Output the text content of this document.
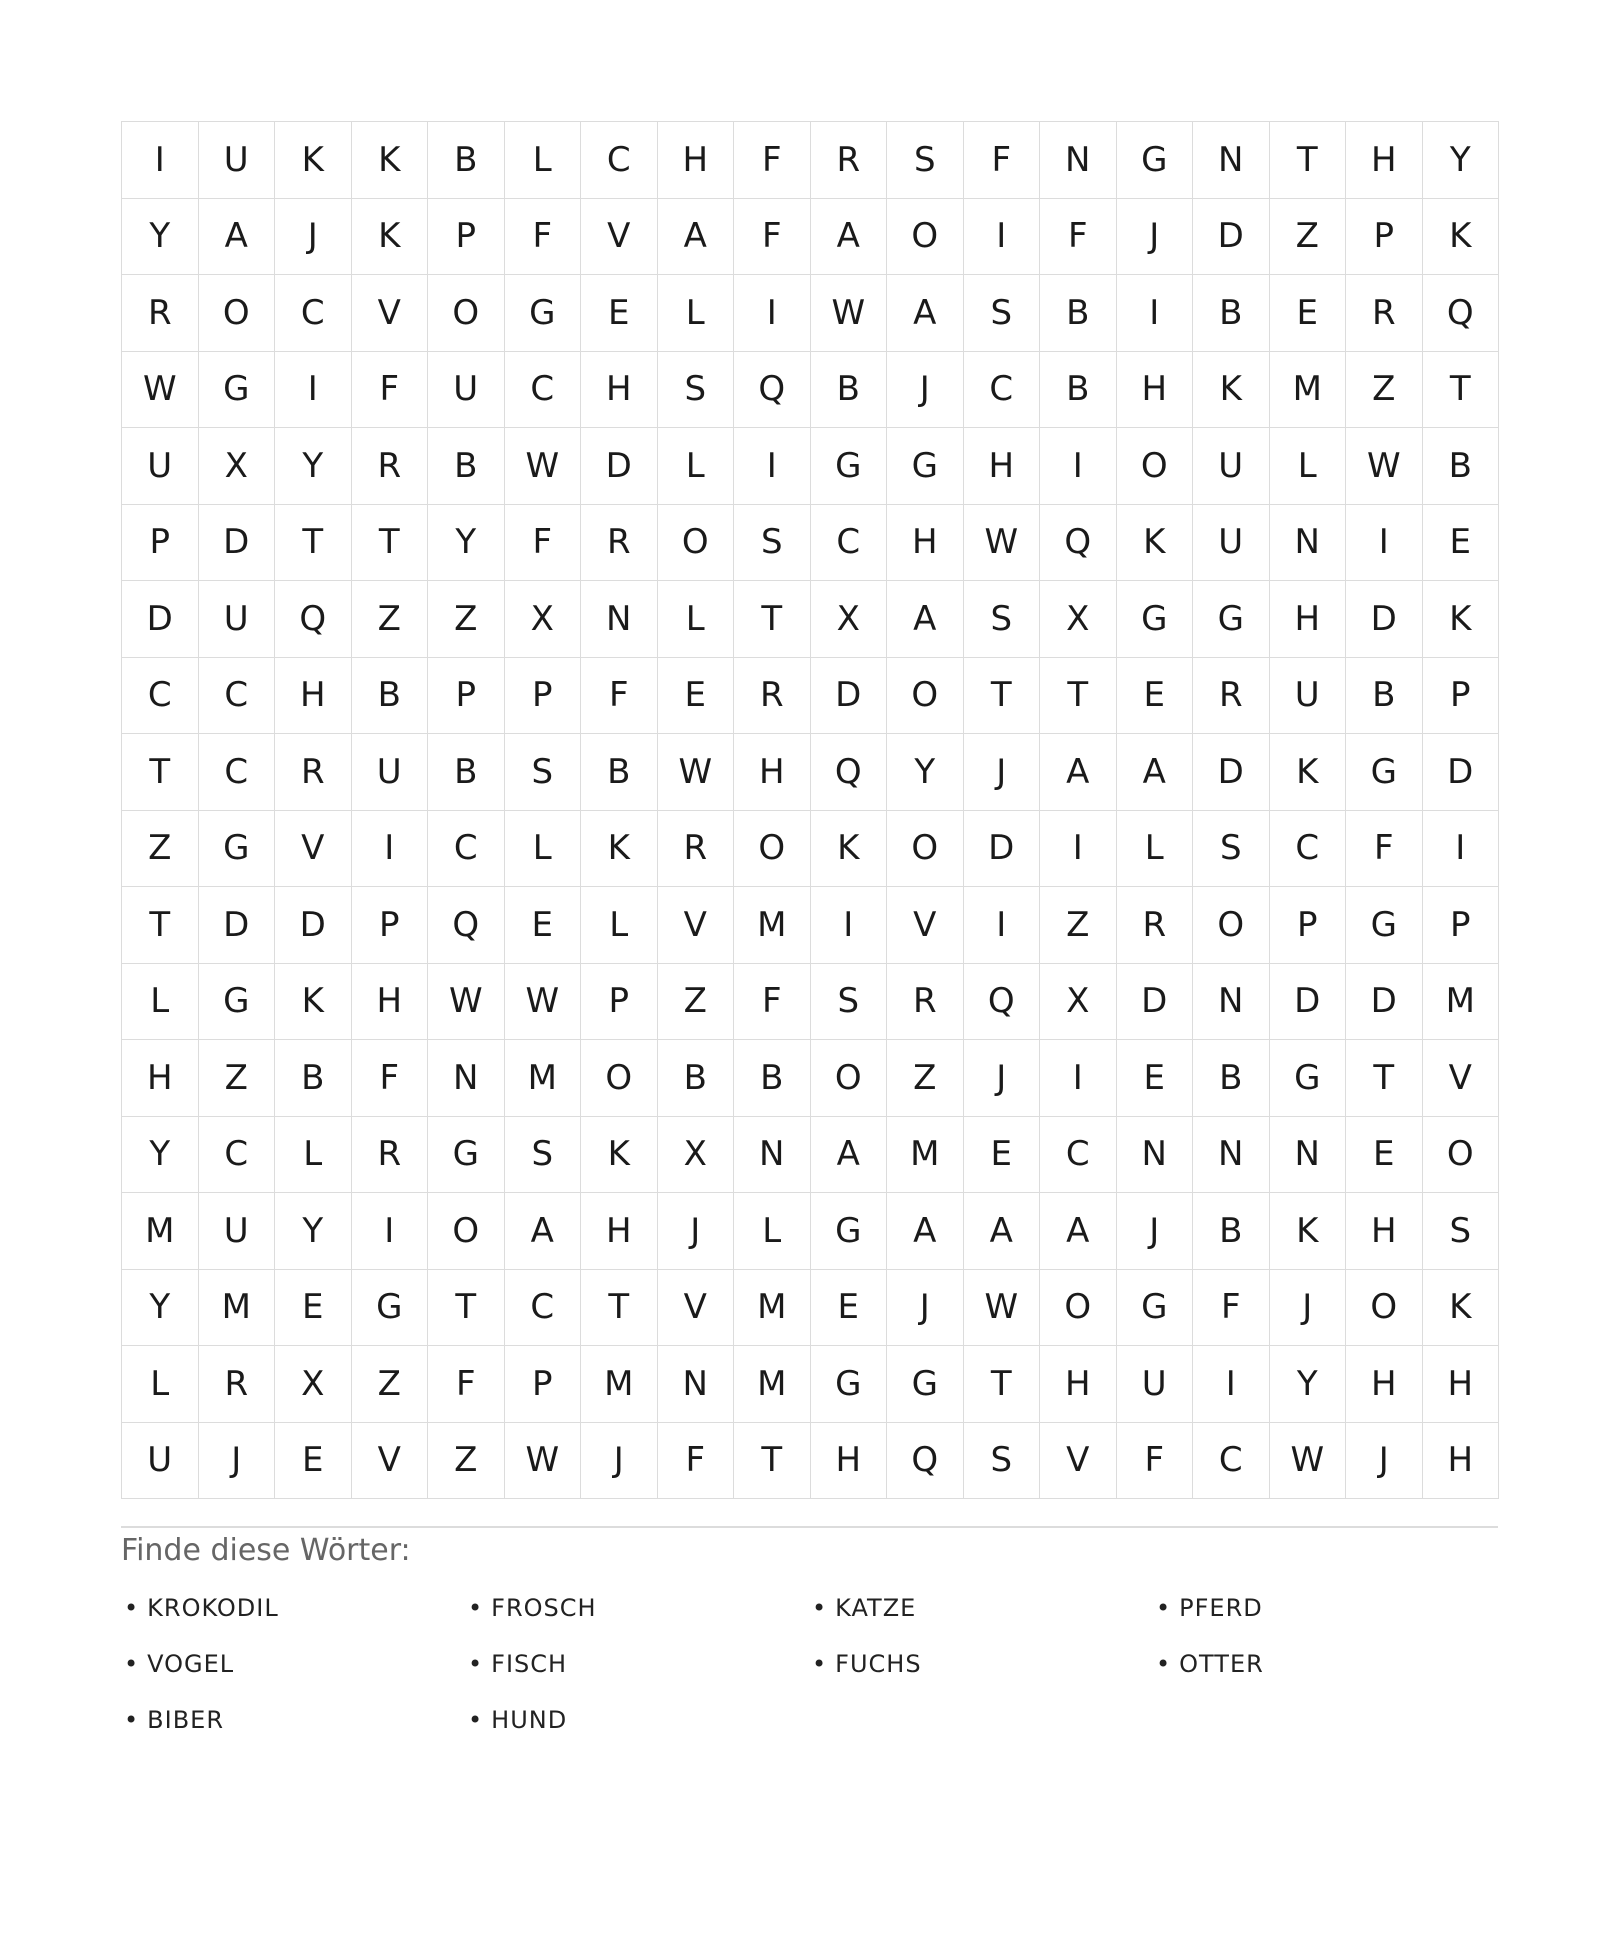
I	U	K	K	B	L	C	H	F	R	S	F	N	G	N	T	H	Y
Y	A	J	K	P	F	V	A	F	A	O	I	F	J	D	Z	P	K
R	O	C	V	O	G	E	L	I	W	A	S	B	I	B	E	R	Q
W	G	I	F	U	C	H	S	Q	B	J	C	B	H	K	M	Z	T
U	X	Y	R	B	W	D	L	I	G	G	H	I	O	U	L	W	B
P	D	T	T	Y	F	R	O	S	C	H	W	Q	K	U	N	I	E
D	U	Q	Z	Z	X	N	L	T	X	A	S	X	G	G	H	D	K
C	C	H	B	P	P	F	E	R	D	O	T	T	E	R	U	B	P
T	C	R	U	B	S	B	W	H	Q	Y	J	A	A	D	K	G	D
Z	G	V	I	C	L	K	R	O	K	O	D	I	L	S	C	F	I
T	D	D	P	Q	E	L	V	M	I	V	I	Z	R	O	P	G	P
L	G	K	H	W	W	P	Z	F	S	R	Q	X	D	N	D	D	M
H	Z	B	F	N	M	O	B	B	O	Z	J	I	E	B	G	T	V
Y	C	L	R	G	S	K	X	N	A	M	E	C	N	N	N	E	O
M	U	Y	I	O	A	H	J	L	G	A	A	A	J	B	K	H	S
Y	M	E	G	T	C	T	V	M	E	J	W	O	G	F	J	O	K
L	R	X	Z	F	P	M	N	M	G	G	T	H	U	I	Y	H	H
U	J	E	V	Z	W	J	F	T	H	Q	S	V	F	C	W	J	H
Finde diese Wörter:
• KROKODIL	• FROSCH	• KATZE	• PFERD
• VOGEL	• FISCH	• FUCHS	• OTTER
• BIBER	• HUND
